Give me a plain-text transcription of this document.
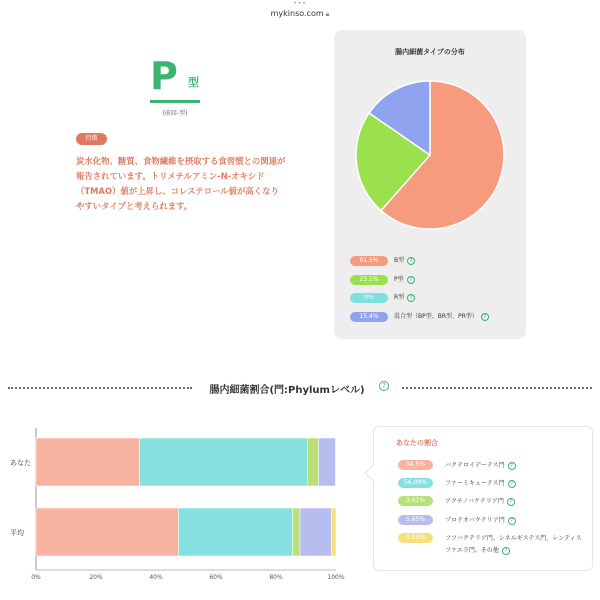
•••
mykinso.com 🔒︎
P 型
(前回-型)
特徴
炭水化物、糖質、食物繊維を摂取する食習慣との関連が報告されています。トリメチルアミン-N-オキシド（TMAO）値が上昇し、コレステロール値が高くなりやすいタイプと考えられます。
腸内細菌タイプの分布
61.5%	B型 ?
23.1%	P型 ?
0%	R型 ?
15.4%	混合型（BP型、BR型、PR型） ?
腸内細菌割合(門:Phylumレベル)	?
あなた
平均
0%	20%	40%	60%	80%	100%
あなたの割合
34.5%	バクテロイデーテス門 ?
56.09%	ファーミキューテス門 ?
3.61%	アクチノバクテリア門 ?
5.65%	プロテオバクテリア門 ?
0.15%	フソバクテリア門、シネルギステス門、レンティスファエラ門、その他 ?
